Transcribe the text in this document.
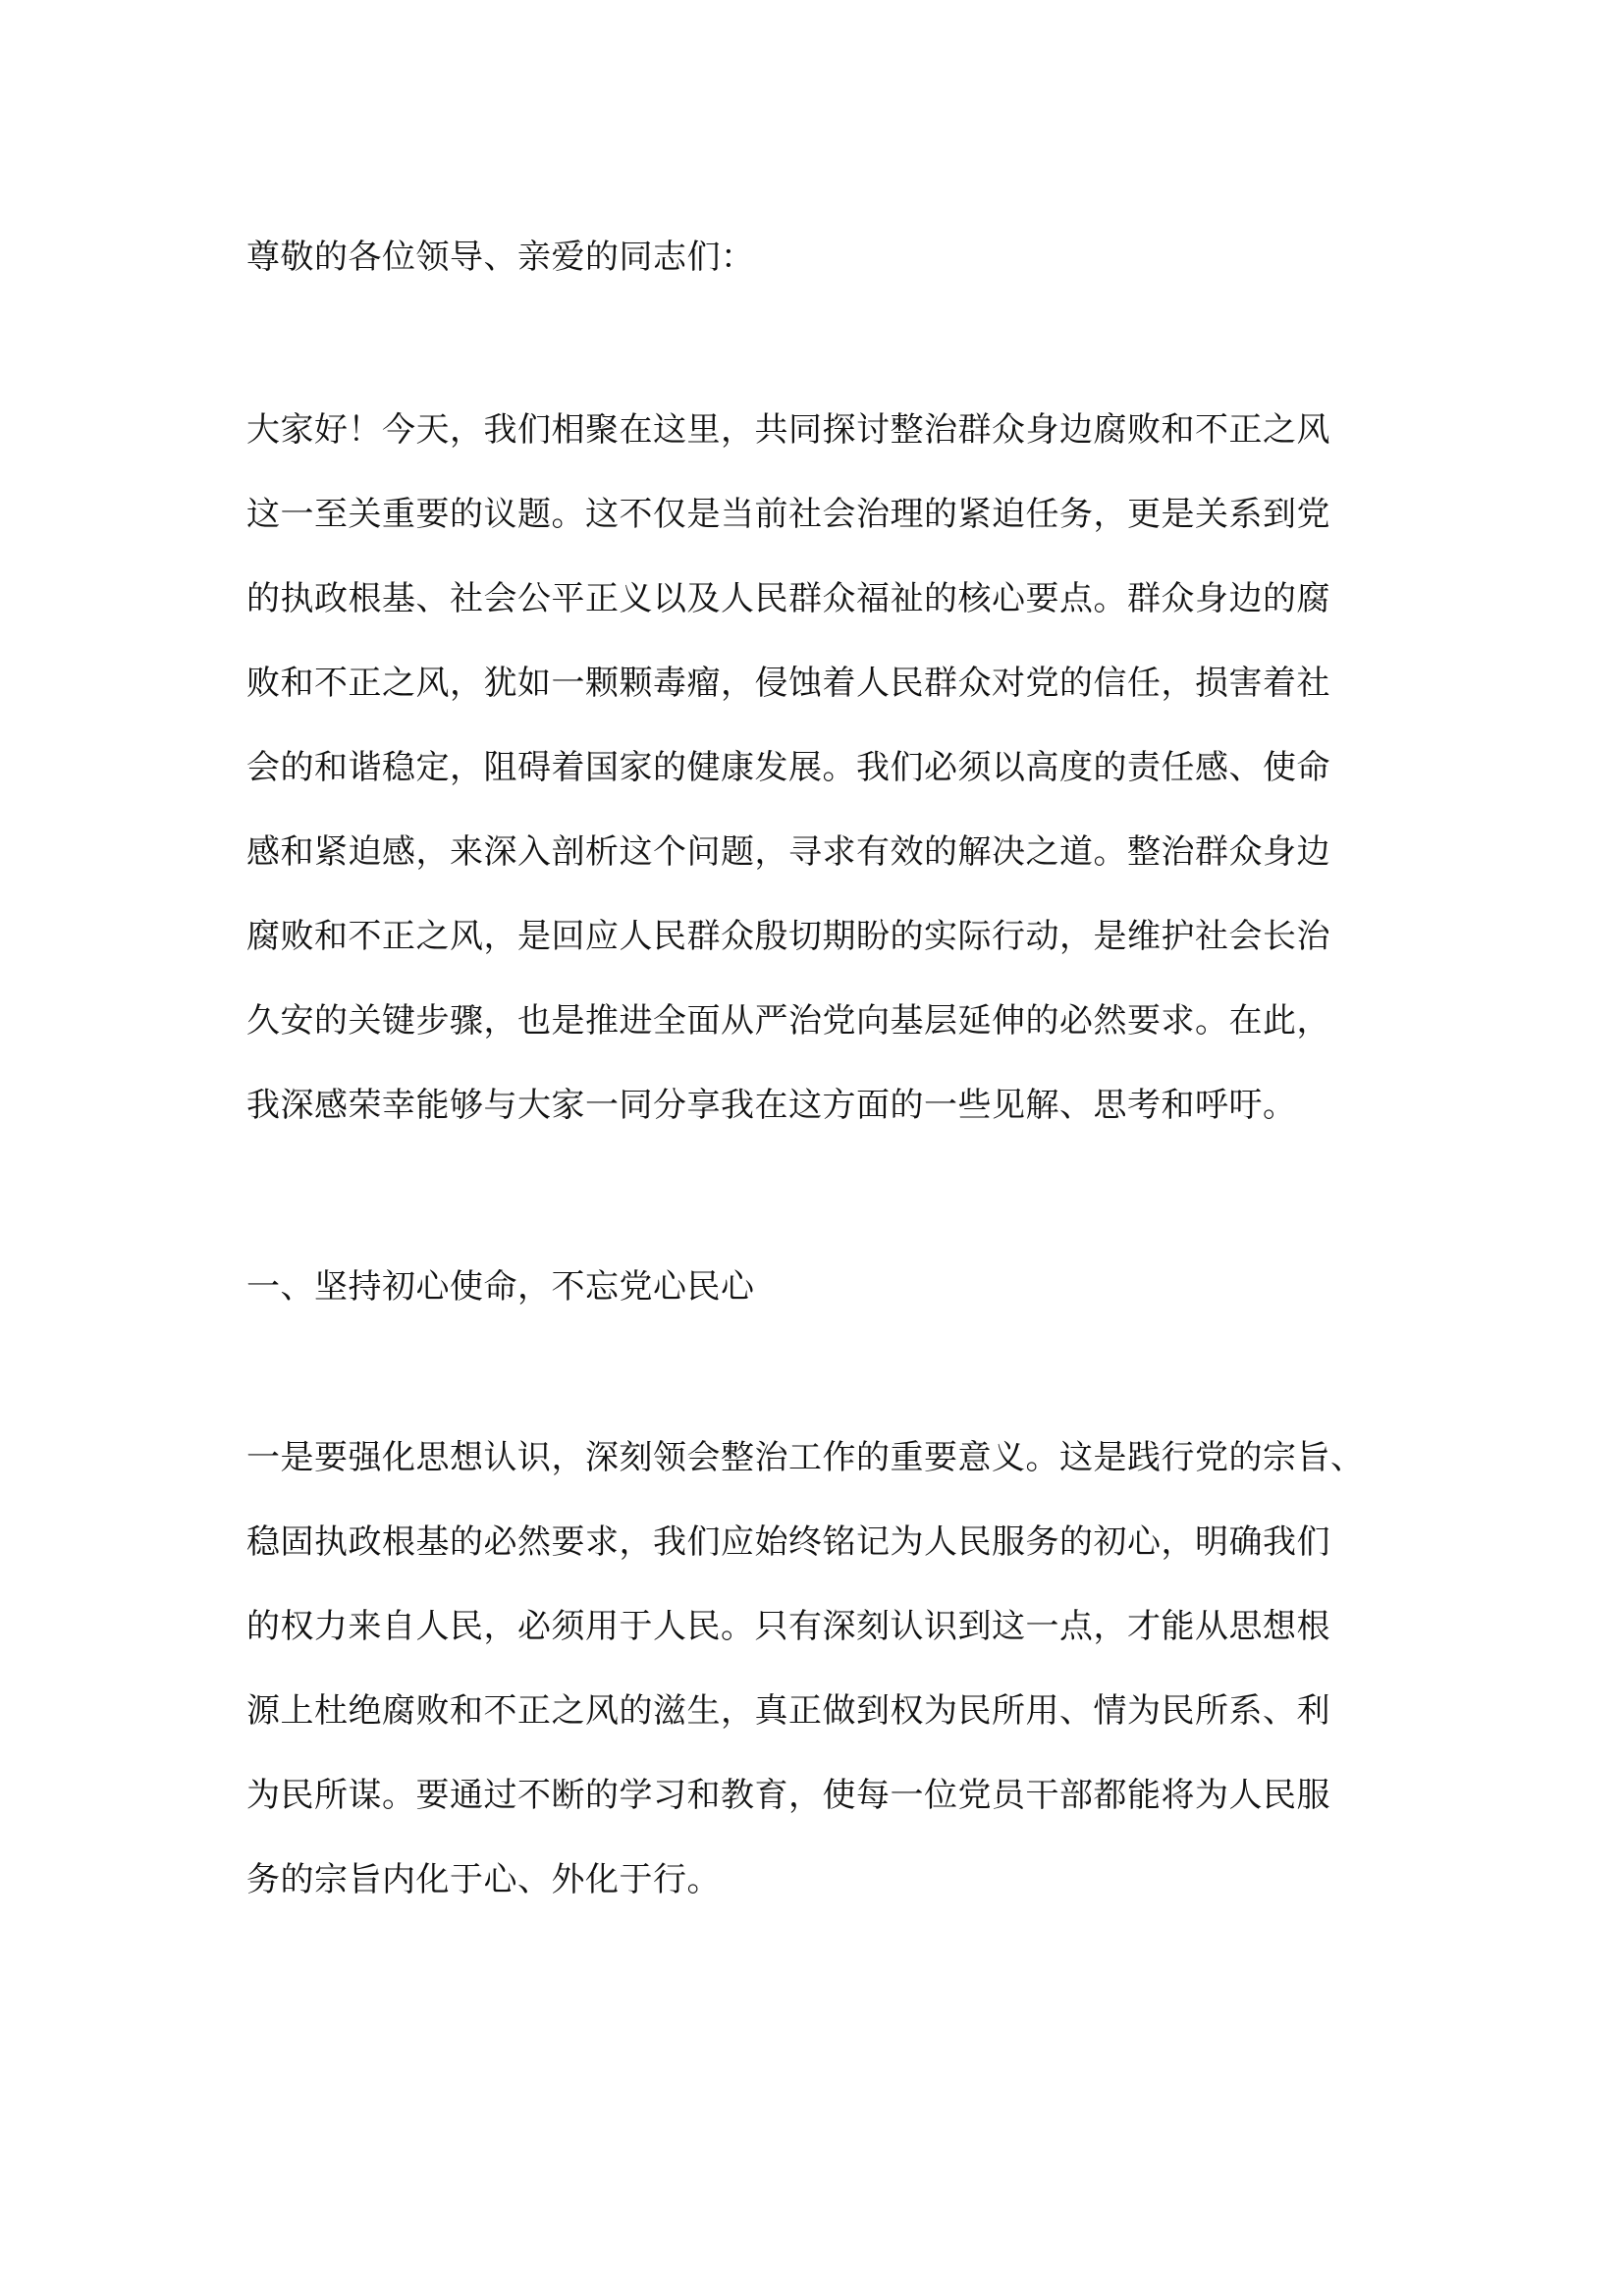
尊敬的各位领导、亲爱的同志们：
大家好！今天，我们相聚在这里，共同探讨整治群众身边腐败和不正之风
这一至关重要的议题。这不仅是当前社会治理的紧迫任务，更是关系到党
的执政根基、社会公平正义以及人民群众福祉的核心要点。群众身边的腐
败和不正之风，犹如一颗颗毒瘤，侵蚀着人民群众对党的信任，损害着社
会的和谐稳定，阻碍着国家的健康发展。我们必须以高度的责任感、使命
感和紧迫感，来深入剖析这个问题，寻求有效的解决之道。整治群众身边
腐败和不正之风，是回应人民群众殷切期盼的实际行动，是维护社会长治
久安的关键步骤，也是推进全面从严治党向基层延伸的必然要求。在此，
我深感荣幸能够与大家一同分享我在这方面的一些见解、思考和呼吁。
一、坚持初心使命，不忘党心民心
一是要强化思想认识，深刻领会整治工作的重要意义。这是践行党的宗旨、
稳固执政根基的必然要求，我们应始终铭记为人民服务的初心，明确我们
的权力来自人民，必须用于人民。只有深刻认识到这一点，才能从思想根
源上杜绝腐败和不正之风的滋生，真正做到权为民所用、情为民所系、利
为民所谋。要通过不断的学习和教育，使每一位党员干部都能将为人民服
务的宗旨内化于心、外化于行。
